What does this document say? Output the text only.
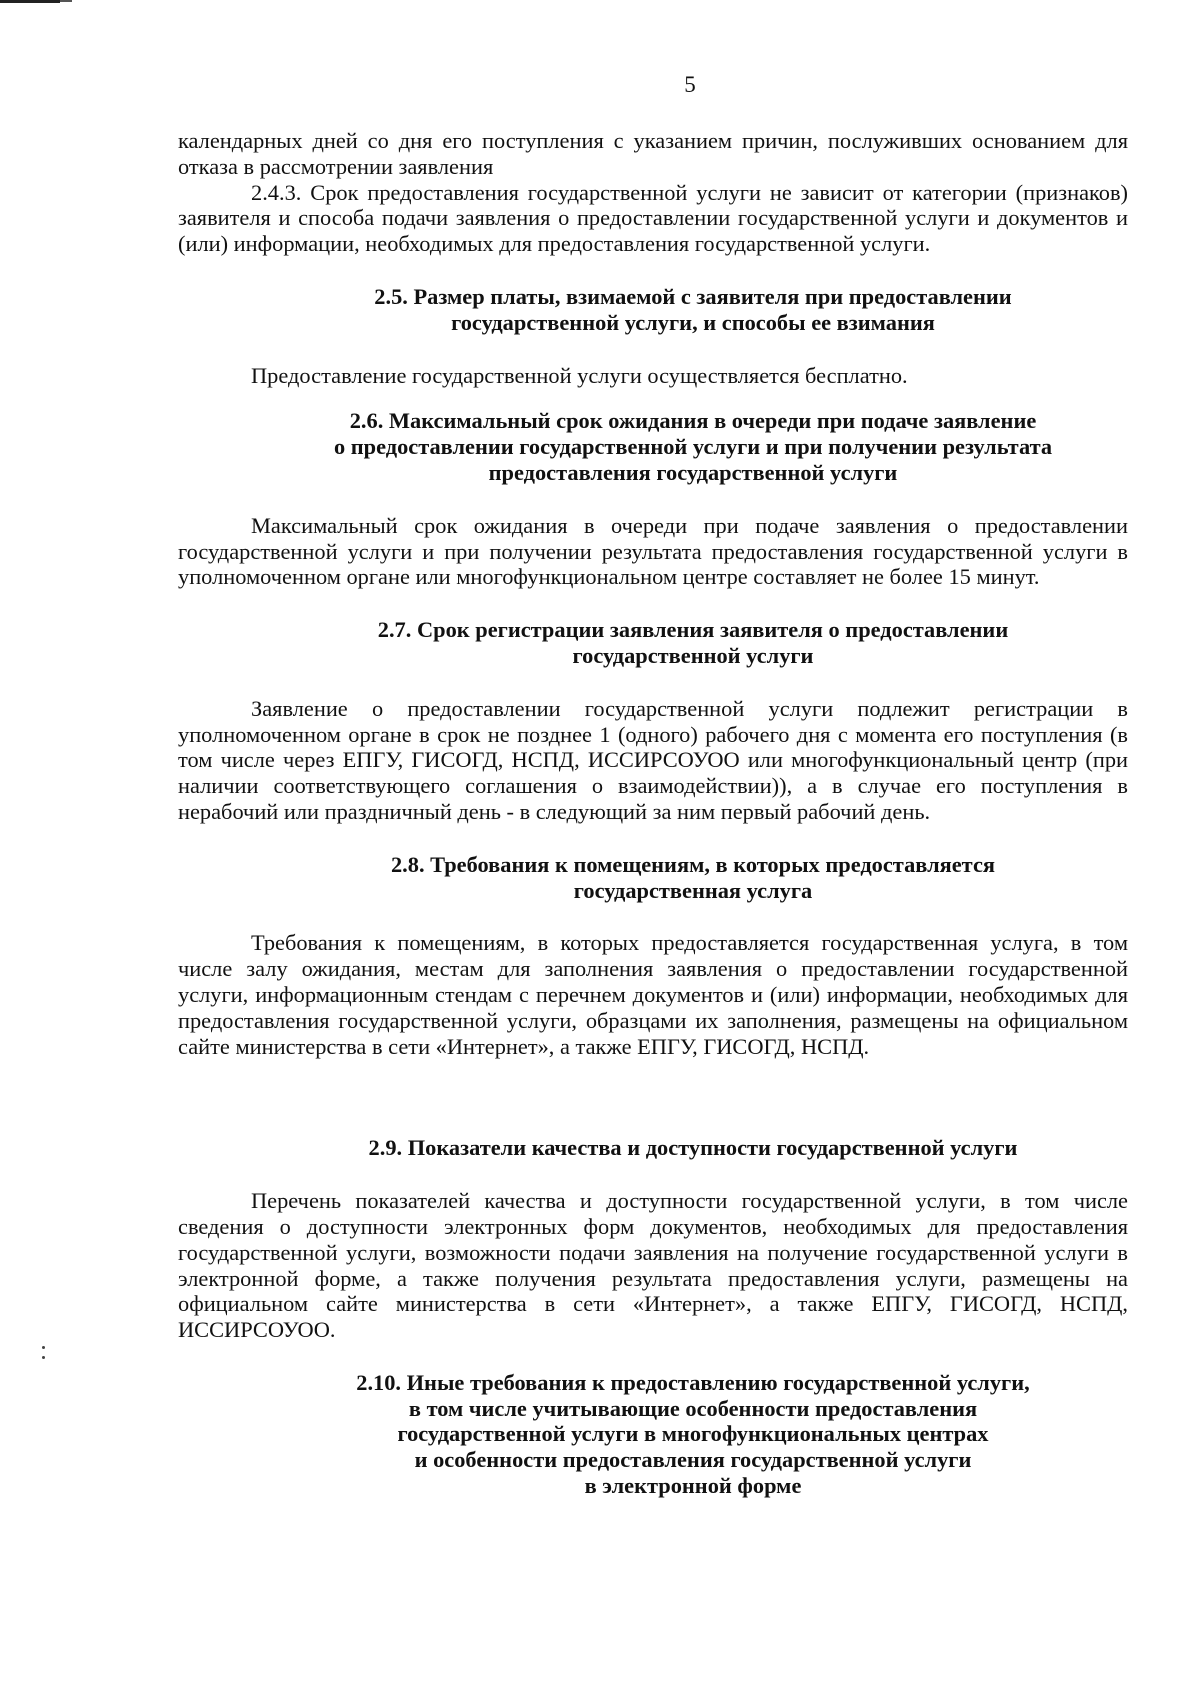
5

календарных дней со дня его поступления с указанием причин, послуживших основанием для отказа в рассмотрении заявления

2.4.3. Срок предоставления государственной услуги не зависит от категории (признаков) заявителя и способа подачи заявления о предоставлении государственной услуги и документов и (или) информации, необходимых для предоставления государственной услуги.

2.5. Размер платы, взимаемой с заявителя при предоставлении
государственной услуги, и способы ее взимания

Предоставление государственной услуги осуществляется бесплатно.

2.6. Максимальный срок ожидания в очереди при подаче заявление
о предоставлении государственной услуги и при получении результата
предоставления государственной услуги

Максимальный срок ожидания в очереди при подаче заявления о предоставлении государственной услуги и при получении результата предоставления государственной услуги в уполномоченном органе или многофункциональном центре составляет не более 15 минут.

2.7. Срок регистрации заявления заявителя о предоставлении
государственной услуги

Заявление о предоставлении государственной услуги подлежит регистрации в уполномоченном органе в срок не позднее 1 (одного) рабочего дня с момента его поступления (в том числе через ЕПГУ, ГИСОГД, НСПД, ИССИРСОУОО или многофункциональный центр (при наличии соответствующего соглашения о взаимодействии)), а в случае его поступления в нерабочий или праздничный день - в следующий за ним первый рабочий день.

2.8. Требования к помещениям, в которых предоставляется
государственная услуга

Требования к помещениям, в которых предоставляется государственная услуга, в том числе залу ожидания, местам для заполнения заявления о предоставлении государственной услуги, информационным стендам с перечнем документов и (или) информации, необходимых для предоставления государственной услуги, образцами их заполнения, размещены на официальном сайте министерства в сети «Интернет», а также ЕПГУ, ГИСОГД, НСПД.

2.9. Показатели качества и доступности государственной услуги

Перечень показателей качества и доступности государственной услуги, в том числе сведения о доступности электронных форм документов, необходимых для предоставления государственной услуги, возможности подачи заявления на получение государственной услуги в электронной форме, а также получения результата предоставления услуги, размещены на официальном сайте министерства в сети «Интернет», а также ЕПГУ, ГИСОГД, НСПД, ИССИРСОУОО.

2.10. Иные требования к предоставлению государственной услуги,
в том числе учитывающие особенности предоставления
государственной услуги в многофункциональных центрах
и особенности предоставления государственной услуги
в электронной форме
